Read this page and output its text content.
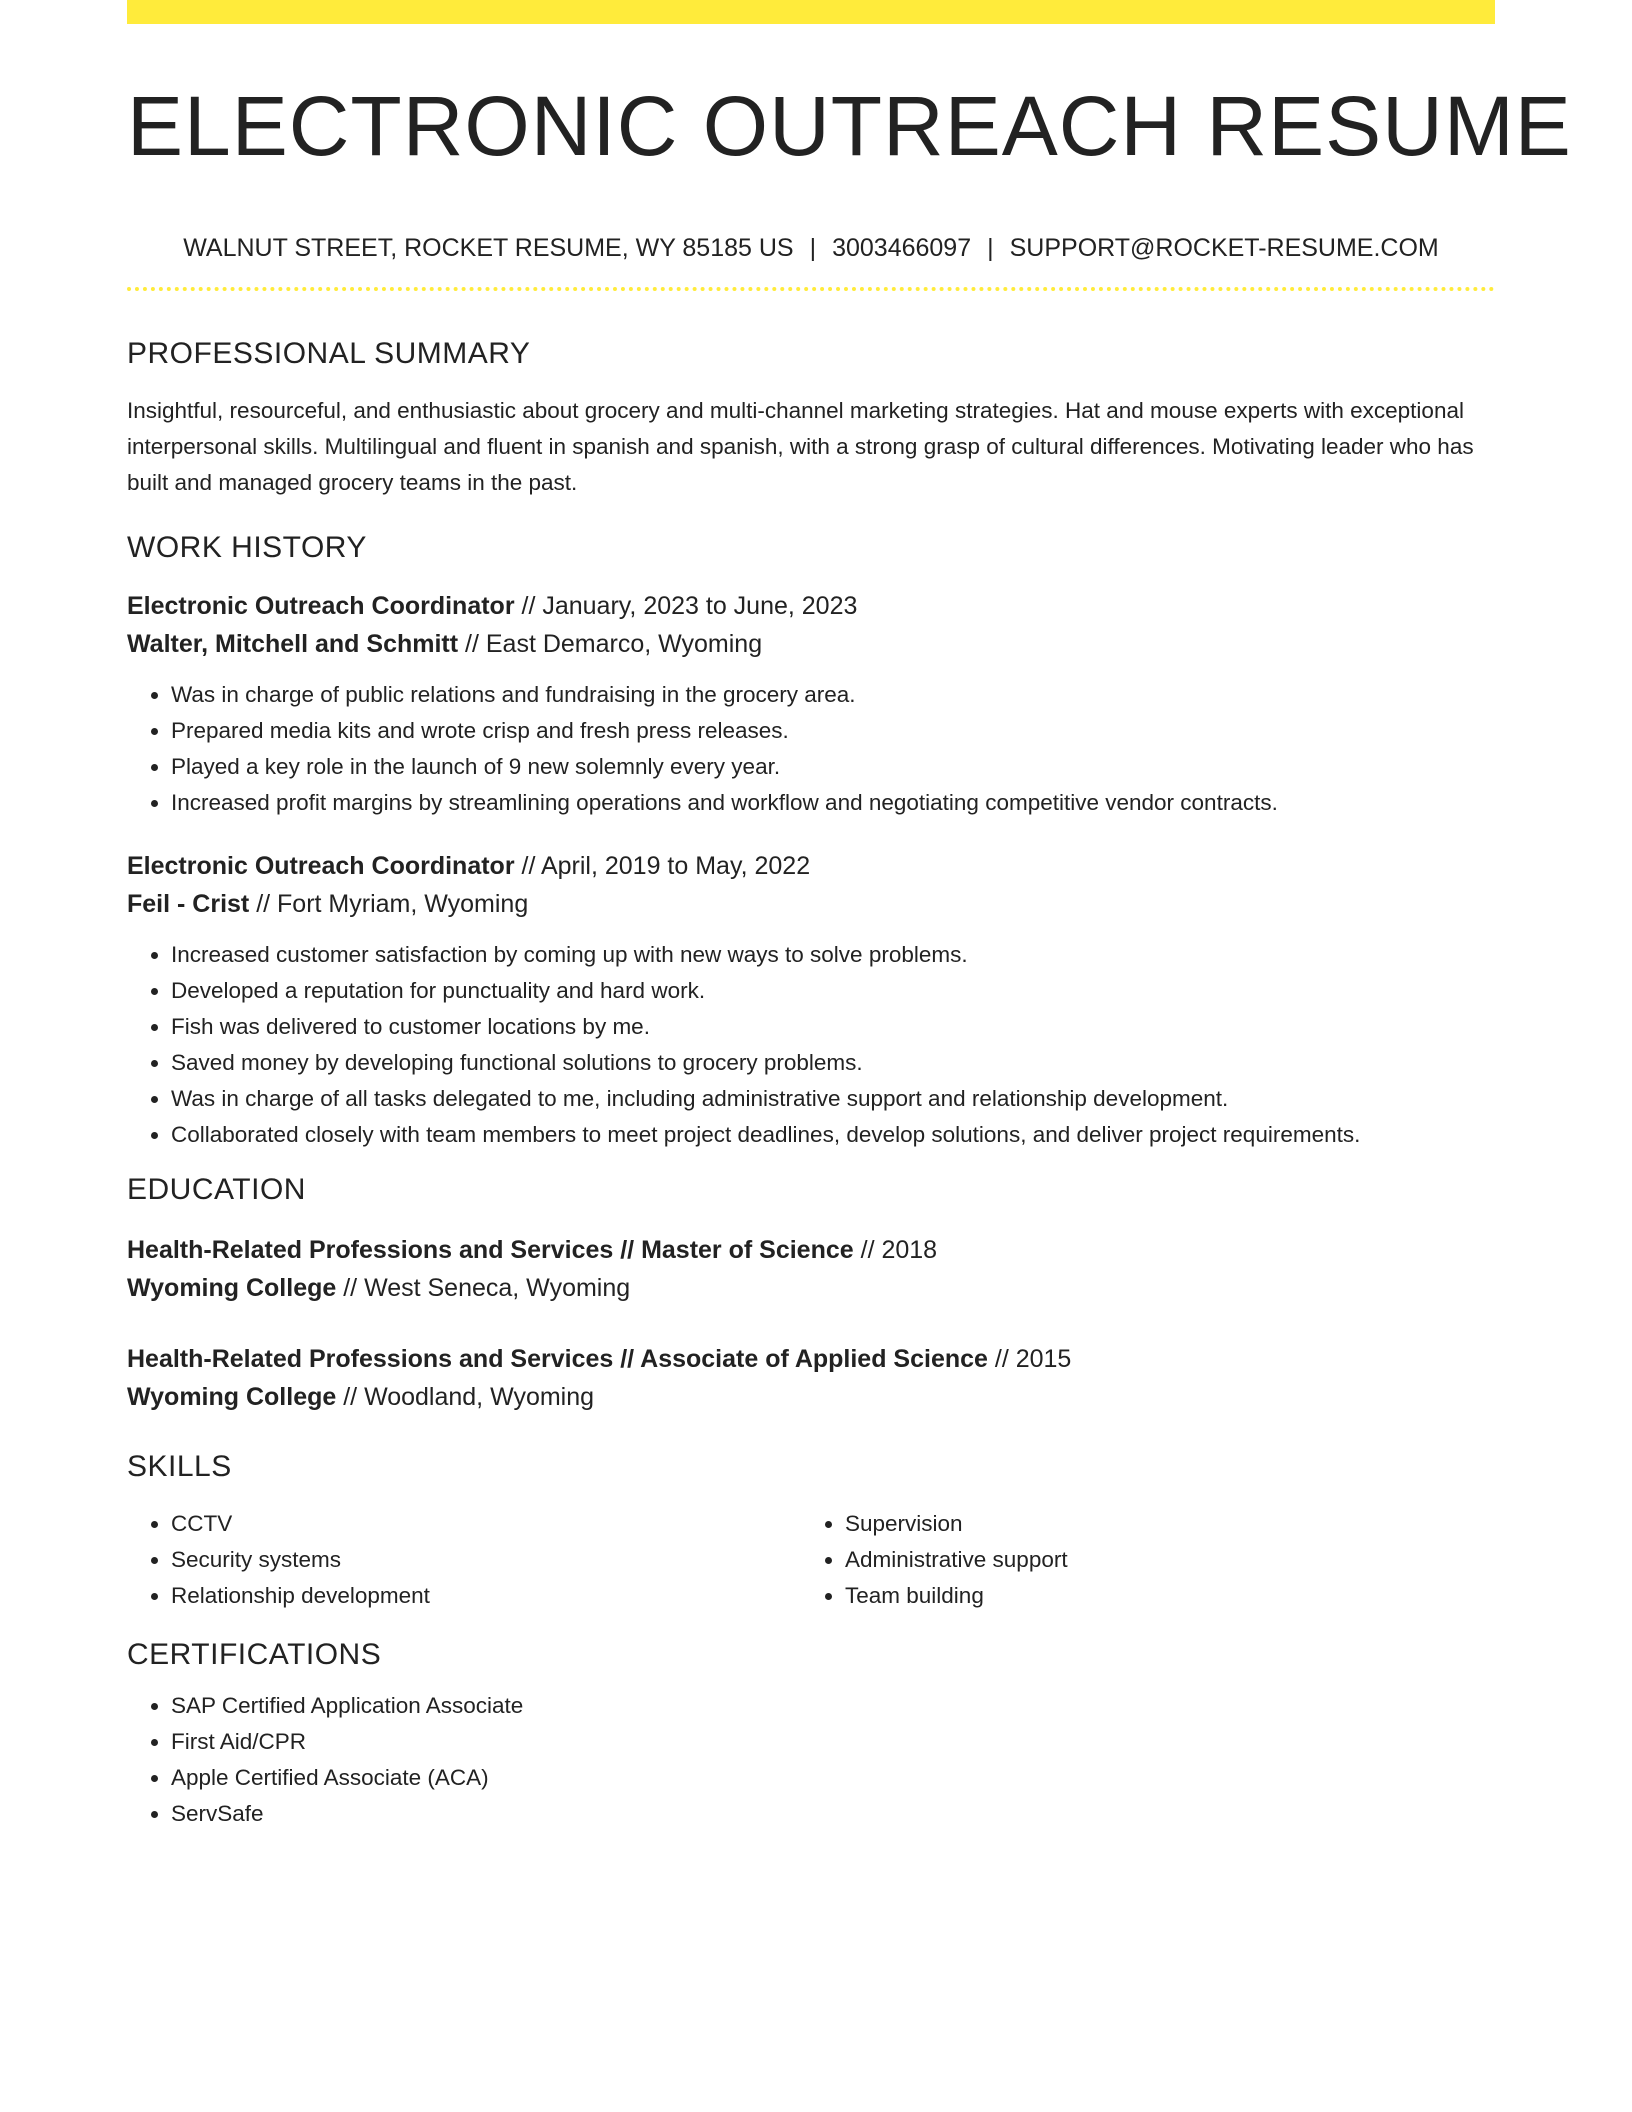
ELECTRONIC OUTREACH RESUME
WALNUT STREET, ROCKET RESUME, WY 85185 US | 3003466097 | SUPPORT@ROCKET-RESUME.COM
PROFESSIONAL SUMMARY

Insightful, resourceful, and enthusiastic about grocery and multi-channel marketing strategies. Hat and mouse experts with exceptional interpersonal skills. Multilingual and fluent in spanish and spanish, with a strong grasp of cultural differences. Motivating leader who has built and managed grocery teams in the past.

WORK HISTORY
Electronic Outreach Coordinator // January, 2023 to June, 2023
Walter, Mitchell and Schmitt // East Demarco, Wyoming
• Was in charge of public relations and fundraising in the grocery area.
• Prepared media kits and wrote crisp and fresh press releases.
• Played a key role in the launch of 9 new solemnly every year.
• Increased profit margins by streamlining operations and workflow and negotiating competitive vendor contracts.
Electronic Outreach Coordinator // April, 2019 to May, 2022
Feil - Crist // Fort Myriam, Wyoming
• Increased customer satisfaction by coming up with new ways to solve problems.
• Developed a reputation for punctuality and hard work.
• Fish was delivered to customer locations by me.
• Saved money by developing functional solutions to grocery problems.
• Was in charge of all tasks delegated to me, including administrative support and relationship development.
• Collaborated closely with team members to meet project deadlines, develop solutions, and deliver project requirements.
EDUCATION
Health-Related Professions and Services // Master of Science // 2018
Wyoming College // West Seneca, Wyoming
Health-Related Professions and Services // Associate of Applied Science // 2015
Wyoming College // Woodland, Wyoming
SKILLS
• CCTV
• Security systems
• Relationship development
• Supervision
• Administrative support
• Team building
CERTIFICATIONS
• SAP Certified Application Associate
• First Aid/CPR
• Apple Certified Associate (ACA)
• ServSafe
